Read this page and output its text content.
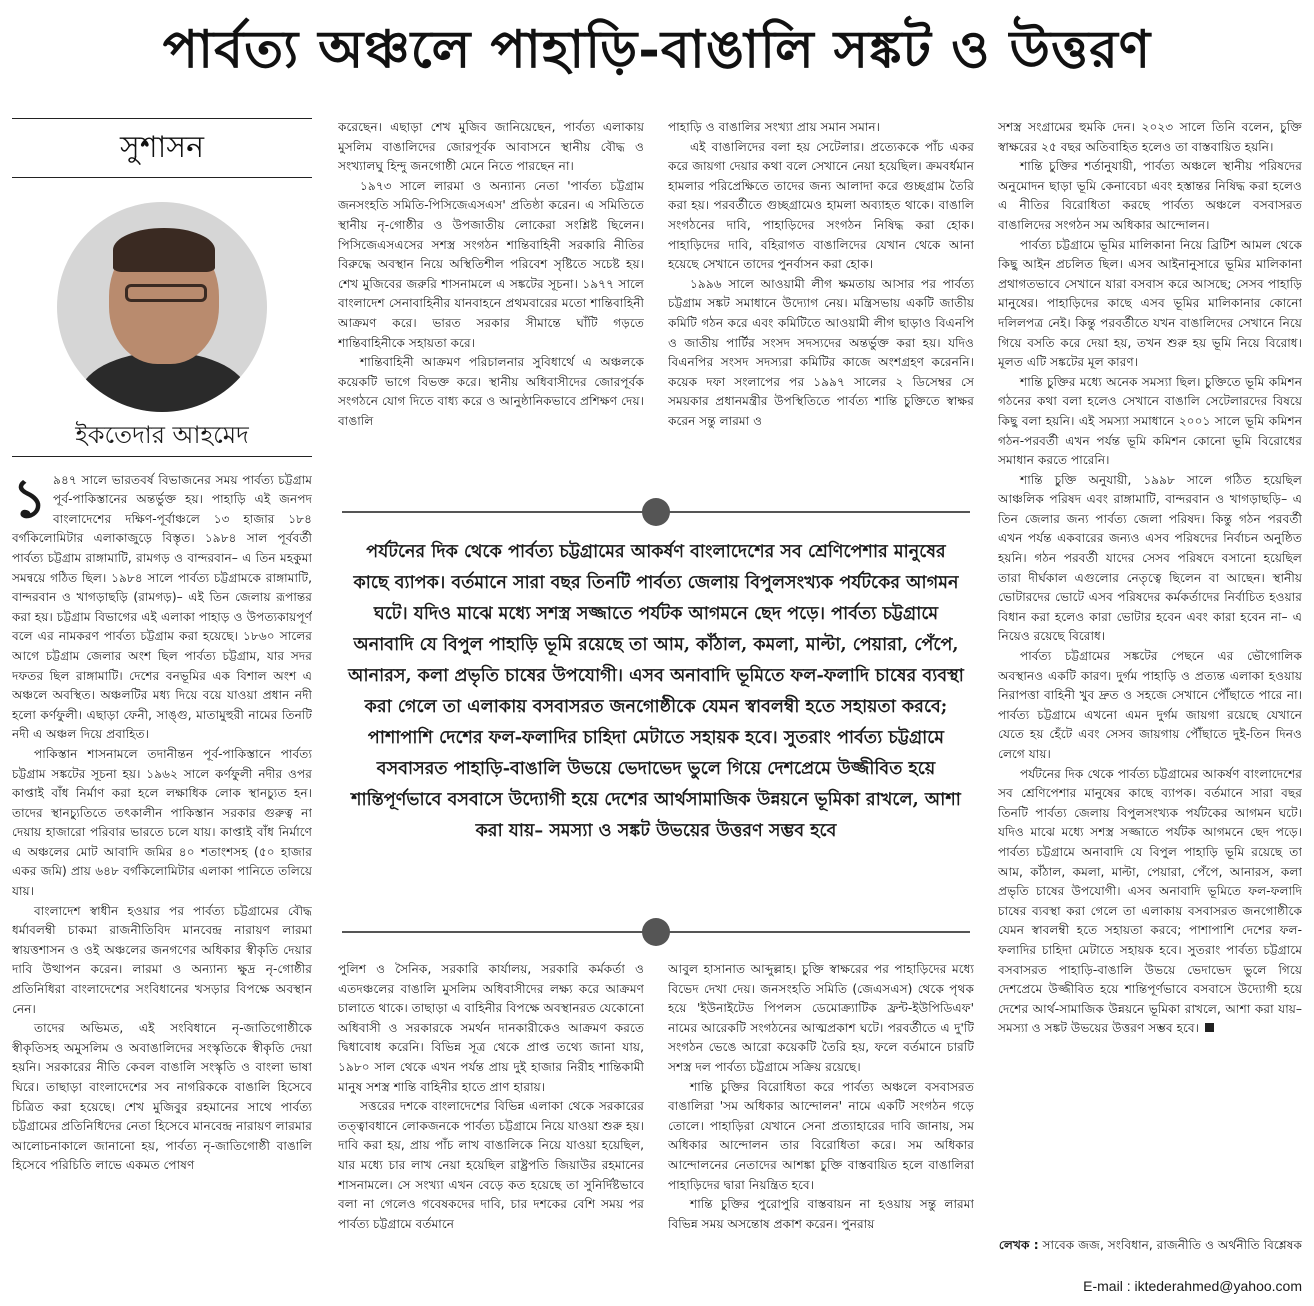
পার্বত্য অঞ্চলে পাহাড়ি-বাঙালি সঙ্কট ও উত্তরণ
সুশাসন
ইকতেদার আহমেদ

১ ৯৪৭ সালে ভারতবর্ষ বিভাজনের সময় পার্বত্য চট্টগ্রাম পূর্ব-পাকিস্তানের অন্তর্ভুক্ত হয়। পাহাড়ি এই জনপদ বাংলাদেশের দক্ষিণ-পূর্বাঞ্চলে ১৩ হাজার ১৮৪ বর্গকিলোমিটার এলাকাজুড়ে বিস্তৃত। ১৯৮৪ সাল পূর্ববর্তী পার্বত্য চট্টগ্রাম রাঙ্গামাটি, রামগড় ও বান্দরবান– এ তিন মহকুমা সমন্বয়ে গঠিত ছিল। ১৯৮৪ সালে পার্বত্য চট্টগ্রামকে রাঙ্গামাটি, বান্দরবান ও খাগড়াছড়ি (রামগড়)– এই তিন জেলায় রূপান্তর করা হয়। চট্টগ্রাম বিভাগের এই এলাকা পাহাড় ও উপত্যকায়পূর্ণ বলে এর নামকরণ পার্বত্য চট্টগ্রাম করা হয়েছে। ১৮৬০ সালের আগে চট্টগ্রাম জেলার অংশ ছিল পার্বত্য চট্টগ্রাম, যার সদর দফতর ছিল রাঙ্গামাটি। দেশের বনভূমির এক বিশাল অংশ এ অঞ্চলে অবস্থিত। অঞ্চলটির মধ্য দিয়ে বয়ে যাওয়া প্রধান নদী হলো কর্ণফুলী। এছাড়া ফেনী, সাঙ্গু, মাতামুহুরী নামের তিনটি নদী এ অঞ্চল দিয়ে প্রবাহিত।

পাকিস্তান শাসনামলে তদানীন্তন পূর্ব-পাকিস্তানে পার্বত্য চট্টগ্রাম সঙ্কটের সূচনা হয়। ১৯৬২ সালে কর্ণফুলী নদীর ওপর কাপ্তাই বাঁধ নির্মাণ করা হলে লক্ষাধিক লোক স্থানচ্যুত হন। তাদের স্থানচ্যুতিতে তৎকালীন পাকিস্তান সরকার গুরুত্ব না দেয়ায় হাজারো পরিবার ভারতে চলে যায়। কাপ্তাই বাঁধ নির্মাণে এ অঞ্চলের মোট আবাদি জমির ৪০ শতাংশসহ (৫০ হাজার একর জমি) প্রায় ৬৪৮ বর্গকিলোমিটার এলাকা পানিতে তলিয়ে যায়।

বাংলাদেশ স্বাধীন হওয়ার পর পার্বত্য চট্টগ্রামের বৌদ্ধ ধর্মাবলম্বী চাকমা রাজনীতিবিদ মানবেন্দ্র নারায়ণ লারমা স্বায়ত্তশাসন ও ওই অঞ্চলের জনগণের অধিকার স্বীকৃতি দেয়ার দাবি উত্থাপন করেন। লারমা ও অন্যান্য ক্ষুদ্র নৃ-গোষ্ঠীর প্রতিনিধিরা বাংলাদেশের সংবিধানের খসড়ার বিপক্ষে অবস্থান নেন।

তাদের অভিমত, এই সংবিধানে নৃ-জাতিগোষ্ঠীকে স্বীকৃতিসহ অমুসলিম ও অবাঙালিদের সংস্কৃতিকে স্বীকৃতি দেয়া হয়নি। সরকারের নীতি কেবল বাঙালি সংস্কৃতি ও বাংলা ভাষা ঘিরে। তাছাড়া বাংলাদেশের সব নাগরিককে বাঙালি হিসেবে চিত্রিত করা হয়েছে। শেখ মুজিবুর রহমানের সাথে পার্বত্য চট্টগ্রামের প্রতিনিধিদের নেতা হিসেবে মানবেন্দ্র নারায়ণ লারমার আলোচনাকালে জানানো হয়, পার্বত্য নৃ-জাতিগোষ্ঠী বাঙালি হিসেবে পরিচিতি লাভে একমত পোষণ

করেছেন। এছাড়া শেখ মুজিব জানিয়েছেন, পার্বত্য এলাকায় মুসলিম বাঙালিদের জোরপূর্বক আবাসনে স্থানীয় বৌদ্ধ ও সংখ্যালঘু হিন্দু জনগোষ্ঠী মেনে নিতে পারছেন না।

১৯৭৩ সালে লারমা ও অন্যান্য নেতা 'পার্বত্য চট্টগ্রাম জনসংহতি সমিতি-পিসিজেএসএস' প্রতিষ্ঠা করেন। এ সমিতিতে স্থানীয় নৃ-গোষ্ঠীর ও উপজাতীয় লোকেরা সংশ্লিষ্ট ছিলেন। পিসিজেএসএসের সশস্ত্র সংগঠন শান্তিবাহিনী সরকারি নীতির বিরুদ্ধে অবস্থান নিয়ে অস্থিতিশীল পরিবেশ সৃষ্টিতে সচেষ্ট হয়। শেখ মুজিবের জরুরি শাসনামলে এ সঙ্কটের সূচনা। ১৯৭৭ সালে বাংলাদেশ সেনাবাহিনীর যানবাহনে প্রথমবারের মতো শান্তিবাহিনী আক্রমণ করে। ভারত সরকার সীমান্তে ঘাঁটি গড়তে শান্তিবাহিনীকে সহায়তা করে।

শান্তিবাহিনী আক্রমণ পরিচালনার সুবিধার্থে এ অঞ্চলকে কয়েকটি ভাগে বিভক্ত করে। স্থানীয় অধিবাসীদের জোরপূর্বক সংগঠনে যোগ দিতে বাধ্য করে ও আনুষ্ঠানিকভাবে প্রশিক্ষণ দেয়। বাঙালি

পাহাড়ি ও বাঙালির সংখ্যা প্রায় সমান সমান।

এই বাঙালিদের বলা হয় সেটেলার। প্রত্যেককে পাঁচ একর করে জায়গা দেয়ার কথা বলে সেখানে নেয়া হয়েছিল। ক্রমবর্ধমান হামলার পরিপ্রেক্ষিতে তাদের জন্য আলাদা করে গুচ্ছগ্রাম তৈরি করা হয়। পরবর্তীতে গুচ্ছগ্রামেও হামলা অব্যাহত থাকে। বাঙালি সংগঠনের দাবি, পাহাড়িদের সংগঠন নিষিদ্ধ করা হোক। পাহাড়িদের দাবি, বহিরাগত বাঙালিদের যেখান থেকে আনা হয়েছে সেখানে তাদের পুনর্বাসন করা হোক।

১৯৯৬ সালে আওয়ামী লীগ ক্ষমতায় আসার পর পার্বত্য চট্টগ্রাম সঙ্কট সমাধানে উদ্যোগ নেয়। মন্ত্রিসভায় একটি জাতীয় কমিটি গঠন করে এবং কমিটিতে আওয়ামী লীগ ছাড়াও বিএনপি ও জাতীয় পার্টির সংসদ সদস্যদের অন্তর্ভুক্ত করা হয়। যদিও বিএনপির সংসদ সদস্যরা কমিটির কাজে অংশগ্রহণ করেননি। কয়েক দফা সংলাপের পর ১৯৯৭ সালের ২ ডিসেম্বর সে সময়কার প্রধানমন্ত্রীর উপস্থিতিতে পার্বত্য শান্তি চুক্তিতে স্বাক্ষর করেন সন্তু লারমা ও

পর্যটনের দিক থেকে পার্বত্য চট্টগ্রামের আকর্ষণ বাংলাদেশের সব শ্রেণিপেশার মানুষের কাছে ব্যাপক। বর্তমানে সারা বছর তিনটি পার্বত্য জেলায় বিপুলসংখ্যক পর্যটকের আগমন ঘটে। যদিও মাঝে মধ্যে সশস্ত্র সজ্জাতে পর্যটক আগমনে ছেদ পড়ে। পার্বত্য চট্টগ্রামে অনাবাদি যে বিপুল পাহাড়ি ভূমি রয়েছে তা আম, কাঁঠাল, কমলা, মাল্টা, পেয়ারা, পেঁপে, আনারস, কলা প্রভৃতি চাষের উপযোগী। এসব অনাবাদি ভূমিতে ফল-ফলাদি চাষের ব্যবস্থা করা গেলে তা এলাকায় বসবাসরত জনগোষ্ঠীকে যেমন স্বাবলম্বী হতে সহায়তা করবে; পাশাপাশি দেশের ফল-ফলাদির চাহিদা মেটাতে সহায়ক হবে। সুতরাং পার্বত্য চট্টগ্রামে বসবাসরত পাহাড়ি-বাঙালি উভয়ে ভেদাভেদ ভুলে গিয়ে দেশপ্রেমে উজ্জীবিত হয়ে শান্তিপূর্ণভাবে বসবাসে উদ্যোগী হয়ে দেশের আর্থসামাজিক উন্নয়নে ভূমিকা রাখলে, আশা করা যায়– সমস্যা ও সঙ্কট উভয়ের উত্তরণ সম্ভব হবে

পুলিশ ও সৈনিক, সরকারি কার্যালয়, সরকারি কর্মকর্তা ও এতদঞ্চলের বাঙালি মুসলিম অধিবাসীদের লক্ষ্য করে আক্রমণ চালাতে থাকে। তাছাড়া এ বাহিনীর বিপক্ষে অবস্থানরত যেকোনো অধিবাসী ও সরকারকে সমর্থন দানকারীকেও আক্রমণ করতে দ্বিধাবোধ করেনি। বিভিন্ন সূত্র থেকে প্রাপ্ত তথ্যে জানা যায়, ১৯৮০ সাল থেকে এখন পর্যন্ত প্রায় দুই হাজার নিরীহ শান্তিকামী মানুষ সশস্ত্র শান্তি বাহিনীর হাতে প্রাণ হারায়।

সত্তরের দশকে বাংলাদেশের বিভিন্ন এলাকা থেকে সরকারের তত্ত্বাবধানে লোকজনকে পার্বত্য চট্টগ্রামে নিয়ে যাওয়া শুরু হয়। দাবি করা হয়, প্রায় পাঁচ লাখ বাঙালিকে নিয়ে যাওয়া হয়েছিল, যার মধ্যে চার লাখ নেয়া হয়েছিল রাষ্ট্রপতি জিয়াউর রহমানের শাসনামলে। সে সংখ্যা এখন বেড়ে কত হয়েছে তা সুনির্দিষ্টভাবে বলা না গেলেও গবেষকদের দাবি, চার দশকের বেশি সময় পর পার্বত্য চট্টগ্রামে বর্তমানে

আবুল হাসানাত আব্দুল্লাহ। চুক্তি স্বাক্ষরের পর পাহাড়িদের মধ্যে বিভেদ দেখা দেয়। জনসংহতি সমিতি (জেএসএস) থেকে পৃথক হয়ে 'ইউনাইটেড পিপলস ডেমোক্র্যাটিক ফ্রন্ট-ইউপিডিএফ' নামের আরেকটি সংগঠনের আত্মপ্রকাশ ঘটে। পরবর্তীতে এ দু'টি সংগঠন ভেঙে আরো কয়েকটি তৈরি হয়, ফলে বর্তমানে চারটি সশস্ত্র দল পার্বত্য চট্টগ্রামে সক্রিয় রয়েছে।

শান্তি চুক্তির বিরোধিতা করে পার্বত্য অঞ্চলে বসবাসরত বাঙালিরা 'সম অধিকার আন্দোলন' নামে একটি সংগঠন গড়ে তোলে। পাহাড়িরা যেখানে সেনা প্রত্যাহারের দাবি জানায়, সম অধিকার আন্দোলন তার বিরোধিতা করে। সম অধিকার আন্দোলনের নেতাদের আশঙ্কা চুক্তি বাস্তবায়িত হলে বাঙালিরা পাহাড়িদের দ্বারা নিয়ন্ত্রিত হবে।

শান্তি চুক্তির পুরোপুরি বাস্তবায়ন না হওয়ায় সন্তু লারমা বিভিন্ন সময় অসন্তোষ প্রকাশ করেন। পুনরায়

সশস্ত্র সংগ্রামের হুমকি দেন। ২০২৩ সালে তিনি বলেন, চুক্তি স্বাক্ষরের ২৫ বছর অতিবাহিত হলেও তা বাস্তবায়িত হয়নি।

শান্তি চুক্তির শর্তানুযায়ী, পার্বত্য অঞ্চলে স্থানীয় পরিষদের অনুমোদন ছাড়া ভূমি কেনাবেচা এবং হস্তান্তর নিষিদ্ধ করা হলেও এ নীতির বিরোধিতা করছে পার্বত্য অঞ্চলে বসবাসরত বাঙালিদের সংগঠন সম অধিকার আন্দোলন।

পার্বত্য চট্টগ্রামে ভূমির মালিকানা নিয়ে ব্রিটিশ আমল থেকে কিছু আইন প্রচলিত ছিল। এসব আইনানুসারে ভূমির মালিকানা প্রথাগতভাবে সেখানে যারা বসবাস করে আসছে; সেসব পাহাড়ি মানুষের। পাহাড়িদের কাছে এসব ভূমির মালিকানার কোনো দলিলপত্র নেই। কিন্তু পরবর্তীতে যখন বাঙালিদের সেখানে নিয়ে গিয়ে বসতি করে দেয়া হয়, তখন শুরু হয় ভূমি নিয়ে বিরোধ। মূলত এটি সঙ্কটের মূল কারণ।

শান্তি চুক্তির মধ্যে অনেক সমস্যা ছিল। চুক্তিতে ভূমি কমিশন গঠনের কথা বলা হলেও সেখানে বাঙালি সেটেলারদের বিষয়ে কিছু বলা হয়নি। এই সমস্যা সমাধানে ২০০১ সালে ভূমি কমিশন গঠন-পরবর্তী এখন পর্যন্ত ভূমি কমিশন কোনো ভূমি বিরোধের সমাধান করতে পারেনি।

শান্তি চুক্তি অনুযায়ী, ১৯৯৮ সালে গঠিত হয়েছিল আঞ্চলিক পরিষদ এবং রাঙ্গামাটি, বান্দরবান ও খাগড়াছড়ি– এ তিন জেলার জন্য পার্বত্য জেলা পরিষদ। কিন্তু গঠন পরবর্তী এখন পর্যন্ত একবারের জন্যও এসব পরিষদের নির্বাচন অনুষ্ঠিত হয়নি। গঠন পরবর্তী যাদের সেসব পরিষদে বসানো হয়েছিল তারা দীর্ঘকাল এগুলোর নেতৃত্বে ছিলেন বা আছেন। স্থানীয় ভোটারদের ভোটে এসব পরিষদের কর্মকর্তাদের নির্বাচিত হওয়ার বিধান করা হলেও কারা ভোটার হবেন এবং কারা হবেন না– এ নিয়েও রয়েছে বিরোধ।

পার্বত্য চট্টগ্রামের সঙ্কটের পেছনে এর ভৌগোলিক অবস্থানও একটি কারণ। দুর্গম পাহাড়ি ও প্রত্যন্ত এলাকা হওয়ায় নিরাপত্তা বাহিনী খুব দ্রুত ও সহজে সেখানে পৌঁছাতে পারে না। পার্বত্য চট্টগ্রামে এখনো এমন দুর্গম জায়গা রয়েছে যেখানে যেতে হয় হেঁটে এবং সেসব জায়গায় পৌঁছাতে দুই-তিন দিনও লেগে যায়।

পর্যটনের দিক থেকে পার্বত্য চট্টগ্রামের আকর্ষণ বাংলাদেশের সব শ্রেণিপেশার মানুষের কাছে ব্যাপক। বর্তমানে সারা বছর তিনটি পার্বত্য জেলায় বিপুলসংখ্যক পর্যটকের আগমন ঘটে। যদিও মাঝে মধ্যে সশস্ত্র সজ্জাতে পর্যটক আগমনে ছেদ পড়ে। পার্বত্য চট্টগ্রামে অনাবাদি যে বিপুল পাহাড়ি ভূমি রয়েছে তা আম, কাঁঠাল, কমলা, মাল্টা, পেয়ারা, পেঁপে, আনারস, কলা প্রভৃতি চাষের উপযোগী। এসব অনাবাদি ভূমিতে ফল-ফলাদি চাষের ব্যবস্থা করা গেলে তা এলাকায় বসবাসরত জনগোষ্ঠীকে যেমন স্বাবলম্বী হতে সহায়তা করবে; পাশাপাশি দেশের ফল-ফলাদির চাহিদা মেটাতে সহায়ক হবে। সুতরাং পার্বত্য চট্টগ্রামে বসবাসরত পাহাড়ি-বাঙালি উভয়ে ভেদাভেদ ভুলে গিয়ে দেশপ্রেমে উজ্জীবিত হয়ে শান্তিপূর্ণভাবে বসবাসে উদ্যোগী হয়ে দেশের আর্থ-সামাজিক উন্নয়নে ভূমিকা রাখলে, আশা করা যায়– সমস্যা ও সঙ্কট উভয়ের উত্তরণ সম্ভব হবে।

লেখক : সাবেক জজ, সংবিধান, রাজনীতি ও অর্থনীতি বিশ্লেষক
E-mail : iktederahmed@yahoo.com
